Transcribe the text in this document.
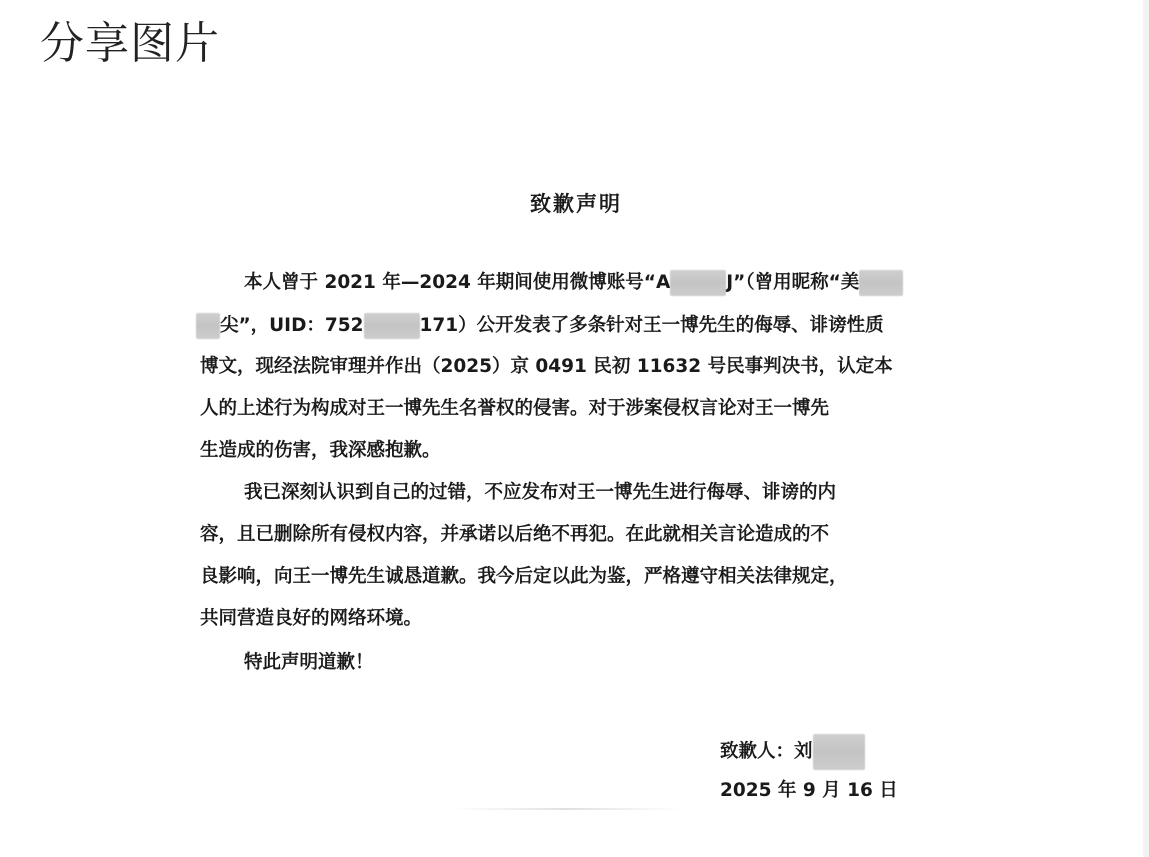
分享图片
致歉声明
本人曾于 2021 年—2024 年期间使用微博账号“A	J”（曾用昵称“美
尖”，UID：752	171）公开发表了多条针对王一博先生的侮辱、诽谤性质
博文，现经法院审理并作出（2025）京 0491 民初 11632 号民事判决书，认定本
人的上述行为构成对王一博先生名誉权的侵害。对于涉案侵权言论对王一博先
生造成的伤害，我深感抱歉。
我已深刻认识到自己的过错，不应发布对王一博先生进行侮辱、诽谤的内
容，且已删除所有侵权内容，并承诺以后绝不再犯。在此就相关言论造成的不
良影响，向王一博先生诚恳道歉。我今后定以此为鉴，严格遵守相关法律规定，
共同营造良好的网络环境。
特此声明道歉！
致歉人：刘
2025 年 9 月 16 日
